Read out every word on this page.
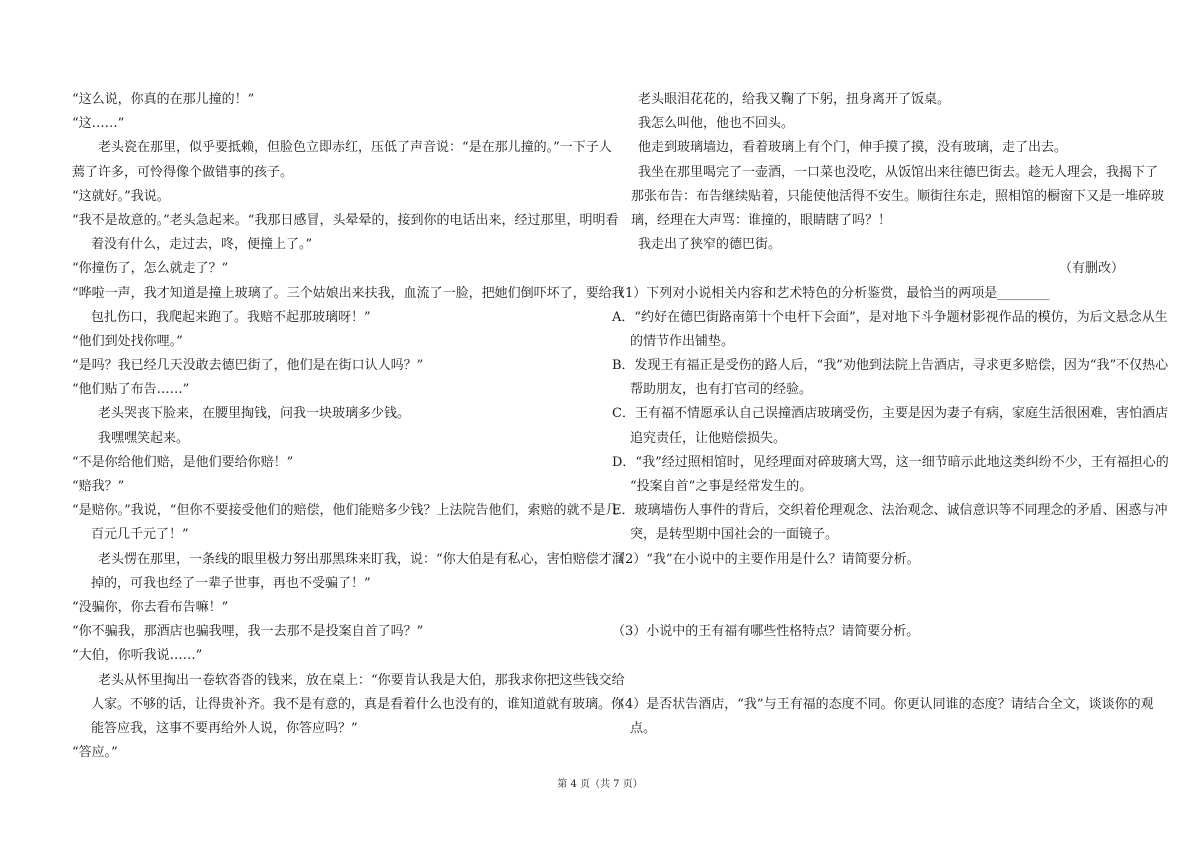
“这么说，你真的在那儿撞的！”
“这……”
老头瓷在那里，似乎要抵赖，但脸色立即赤红，压低了声音说：“是在那儿撞的。”一下子人
蔫了许多，可怜得像个做错事的孩子。
“这就好。”我说。
“我不是故意的。”老头急起来。“我那日感冒，头晕晕的，接到你的电话出来，经过那里，明明看
着没有什么，走过去，咚，便撞上了。”
“你撞伤了，怎么就走了？”
“哗啦一声，我才知道是撞上玻璃了。三个姑娘出来扶我，血流了一脸，把她们倒吓坏了，要给我
包扎伤口，我爬起来跑了。我赔不起那玻璃呀！”
“他们到处找你哩。”
“是吗？我已经几天没敢去德巴街了，他们是在街口认人吗？”
“他们贴了布告……”
老头哭丧下脸来，在腰里掏钱，问我一块玻璃多少钱。
我嘿嘿笑起来。
“不是你给他们赔，是他们要给你赔！”
“赔我？”
“是赔你。”我说，“但你不要接受他们的赔偿，他们能赔多少钱？上法院告他们，索赔的就不是几
百元几千元了！”
老头愣在那里，一条线的眼里极力努出那黑珠来盯我，说：“你大伯是有私心，害怕赔偿才溜
掉的，可我也经了一辈子世事，再也不受骗了！”
“没骗你，你去看布告嘛！”
“你不骗我，那酒店也骗我哩，我一去那不是投案自首了吗？”
“大伯，你听我说……”
老头从怀里掏出一卷软沓沓的钱来，放在桌上：“你要肯认我是大伯，那我求你把这些钱交给
人家。不够的话，让得贵补齐。我不是有意的，真是看着什么也没有的，谁知道就有玻璃。你
能答应我，这事不要再给外人说，你答应吗？”
“答应。”
老头眼泪花花的，给我又鞠了下躬，扭身离开了饭桌。
我怎么叫他，他也不回头。
他走到玻璃墙边，看着玻璃上有个门，伸手摸了摸，没有玻璃，走了出去。
我坐在那里喝完了一壶酒，一口菜也没吃，从饭馆出来往德巴街去。趁无人理会，我揭下了
那张布告：布告继续贴着，只能使他活得不安生。顺街往东走，照相馆的橱窗下又是一堆碎玻
璃，经理在大声骂：谁撞的，眼睛瞎了吗？！
我走出了狭窄的德巴街。
（有删改）
（1）下列对小说相关内容和艺术特色的分析鉴赏，最恰当的两项是________
A．“约好在德巴街路南第十个电杆下会面”，是对地下斗争题材影视作品的模仿，为后文悬念从生
的情节作出铺垫。
B．发现王有福正是受伤的路人后，“我”劝他到法院上告酒店，寻求更多赔偿，因为“我”不仅热心
帮助朋友，也有打官司的经验。
C．王有福不情愿承认自己误撞酒店玻璃受伤，主要是因为妻子有病，家庭生活很困难，害怕酒店
追究责任，让他赔偿损失。
D．“我”经过照相馆时，见经理面对碎玻璃大骂，这一细节暗示此地这类纠纷不少，王有福担心的
“投案自首”之事是经常发生的。
E．玻璃墙伤人事件的背后，交织着伦理观念、法治观念、诚信意识等不同理念的矛盾、困惑与冲
突，是转型期中国社会的一面镜子。
（2）“我”在小说中的主要作用是什么？请简要分析。
（3）小说中的王有福有哪些性格特点？请简要分析。
（4）是否状告酒店，“我”与王有福的态度不同。你更认同谁的态度？请结合全文，谈谈你的观
点。
第 4 页（共 7 页）
